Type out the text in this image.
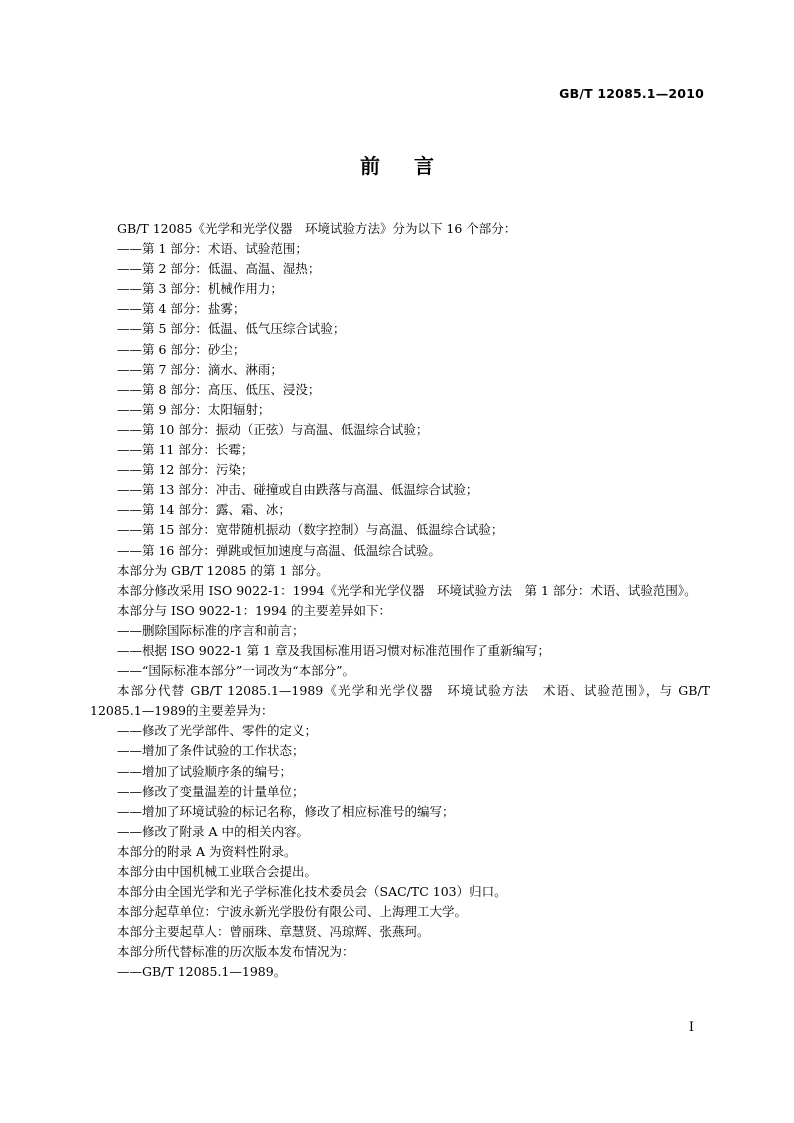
GB/T 12085.1—2010
前言

GB/T 12085《光学和光学仪器　环境试验方法》分为以下 16 个部分：

——第 1 部分：术语、试验范围；

——第 2 部分：低温、高温、湿热；

——第 3 部分：机械作用力；

——第 4 部分：盐雾；

——第 5 部分：低温、低气压综合试验；

——第 6 部分：砂尘；

——第 7 部分：滴水、淋雨；

——第 8 部分：高压、低压、浸没；

——第 9 部分：太阳辐射；

——第 10 部分：振动（正弦）与高温、低温综合试验；

——第 11 部分：长霉；

——第 12 部分：污染；

——第 13 部分：冲击、碰撞或自由跌落与高温、低温综合试验；

——第 14 部分：露、霜、冰；

——第 15 部分：宽带随机振动（数字控制）与高温、低温综合试验；

——第 16 部分：弹跳或恒加速度与高温、低温综合试验。

本部分为 GB/T 12085 的第 1 部分。

本部分修改采用 ISO 9022-1：1994《光学和光学仪器　环境试验方法　第 1 部分：术语、试验范围》。

本部分与 ISO 9022-1：1994 的主要差异如下：

——删除国际标准的序言和前言；

——根据 ISO 9022-1 第 1 章及我国标准用语习惯对标准范围作了重新编写；

——“国际标准本部分”一词改为“本部分”。

本部分代替 GB/T 12085.1—1989《光学和光学仪器　环境试验方法　术语、试验范围》，与 GB/T 12085.1—1989的主要差异为：

——修改了光学部件、零件的定义；

——增加了条件试验的工作状态；

——增加了试验顺序条的编号；

——修改了变量温差的计量单位；

——增加了环境试验的标记名称，修改了相应标准号的编写；

——修改了附录 A 中的相关内容。

本部分的附录 A 为资料性附录。

本部分由中国机械工业联合会提出。

本部分由全国光学和光子学标准化技术委员会（SAC/TC 103）归口。

本部分起草单位：宁波永新光学股份有限公司、上海理工大学。

本部分主要起草人：曾丽珠、章慧贤、冯琼辉、张燕珂。

本部分所代替标准的历次版本发布情况为：

——GB/T 12085.1—1989。

I
